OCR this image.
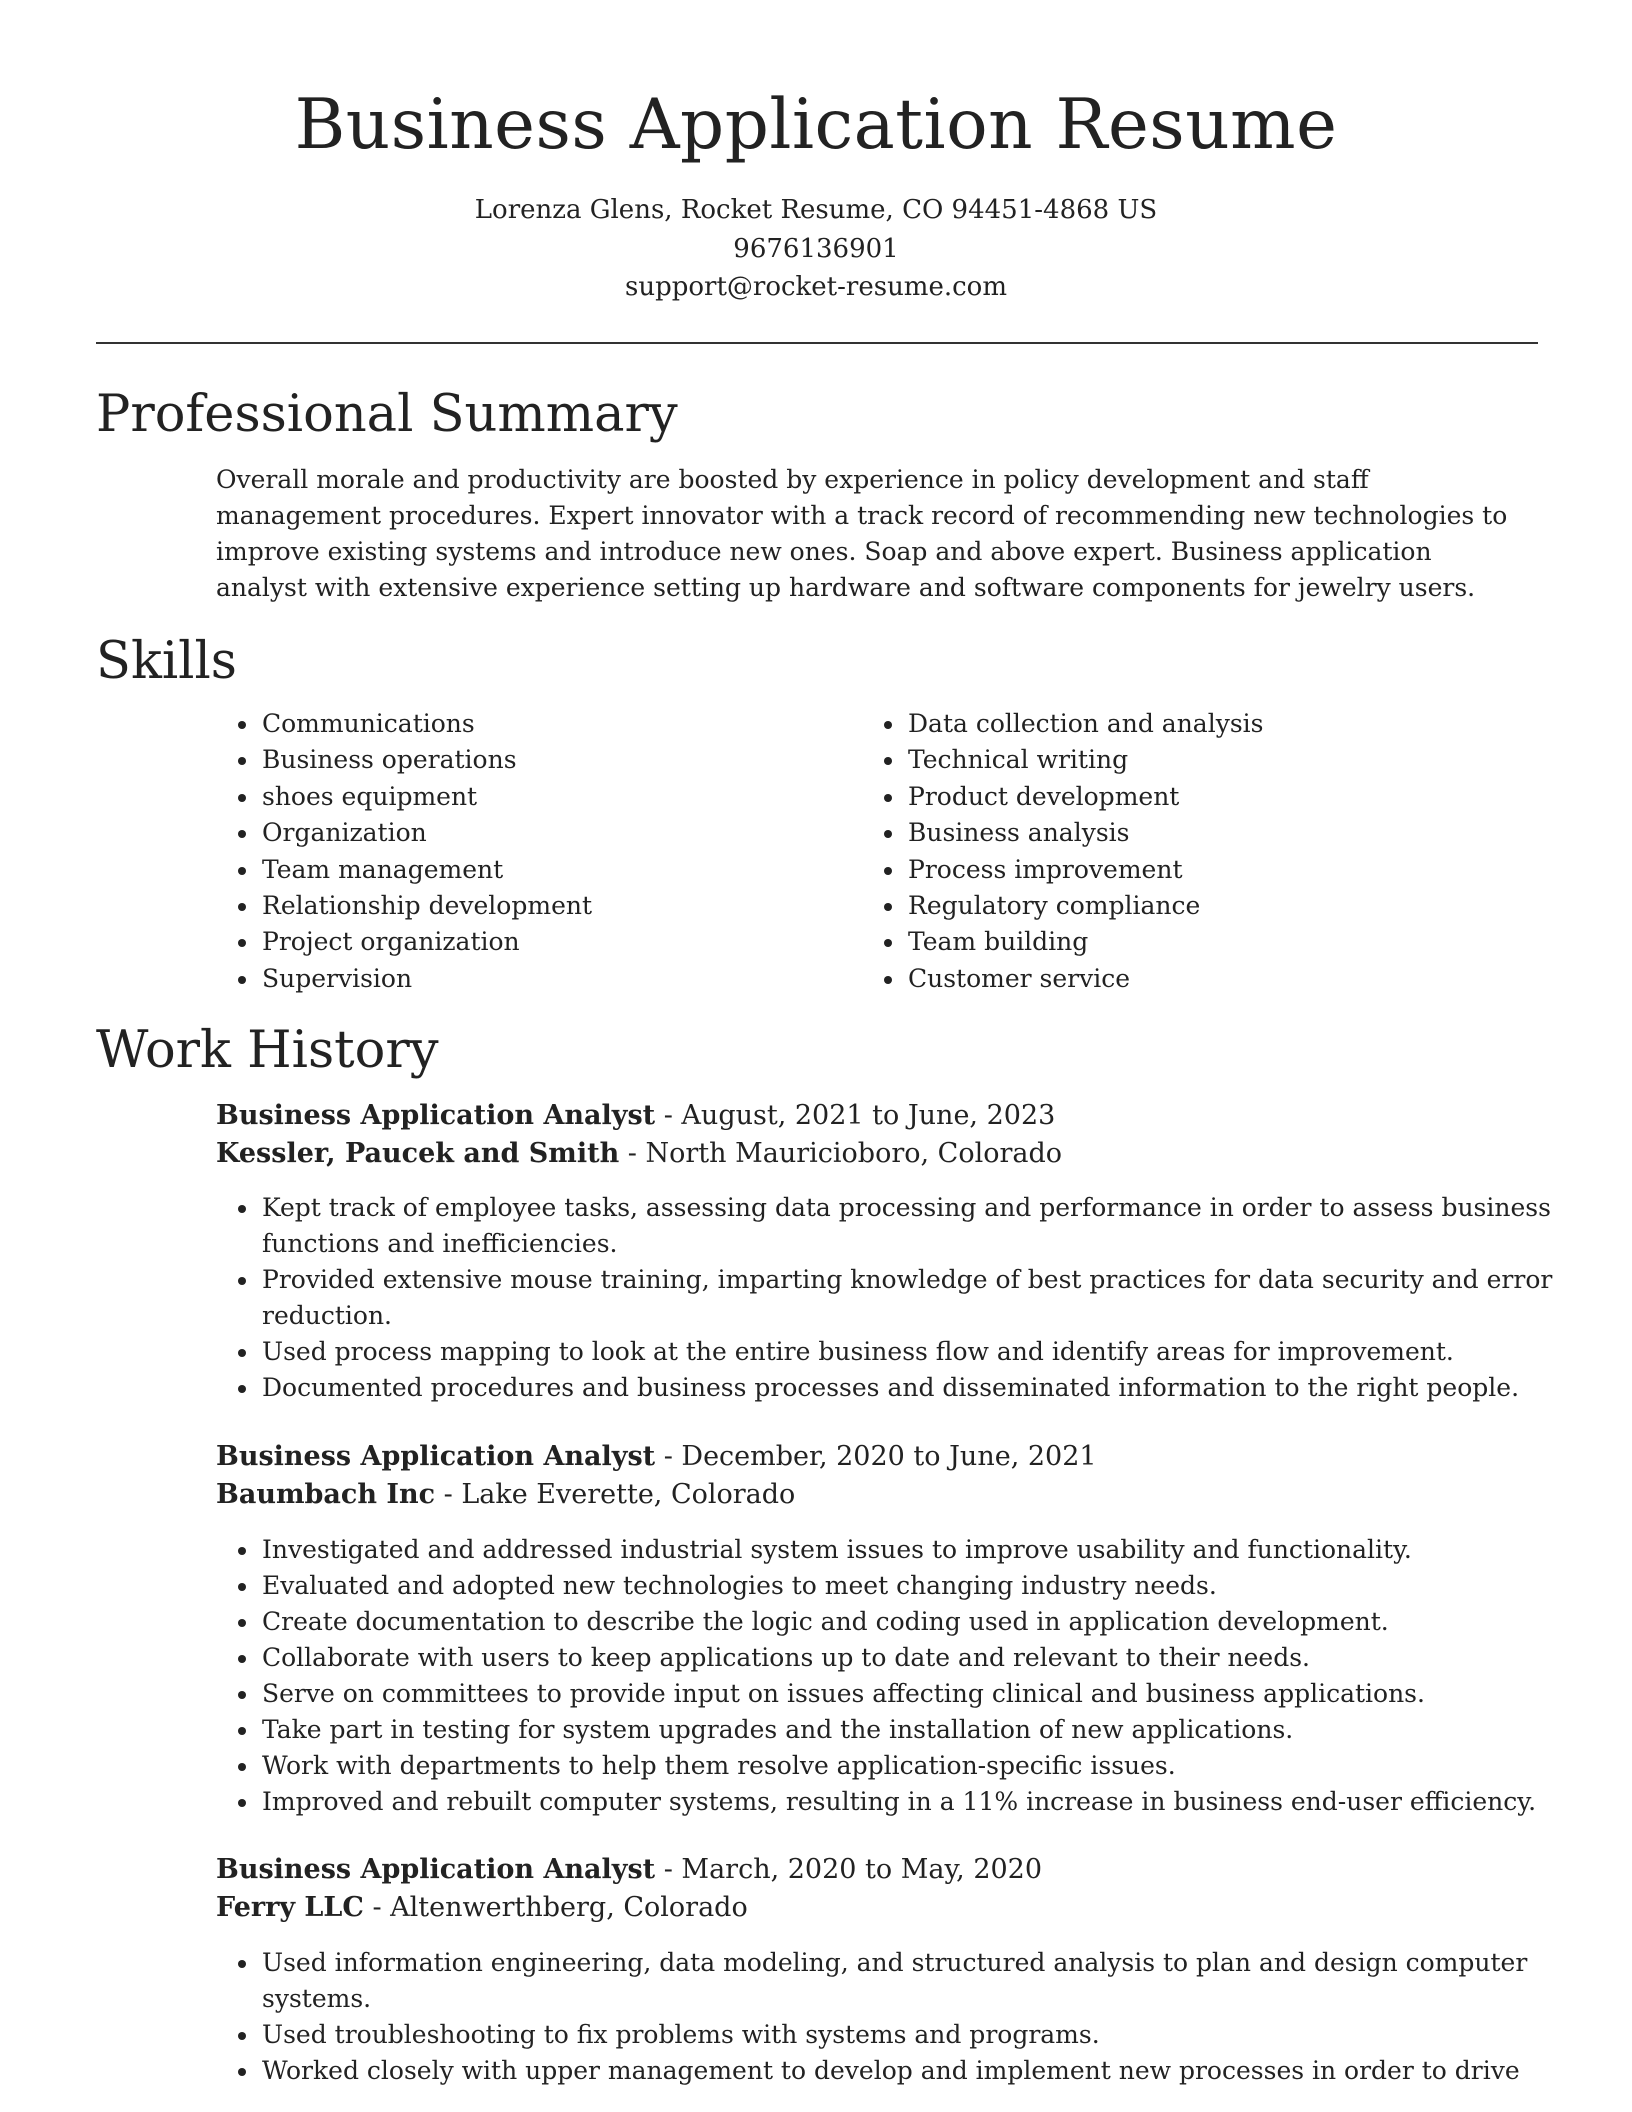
Business Application Resume
Lorenza Glens, Rocket Resume, CO 94451-4868 US
9676136901
support@rocket-resume.com
Professional Summary

Overall morale and productivity are boosted by experience in policy development and staff management procedures. Expert innovator with a track record of recommending new technologies to improve existing systems and introduce new ones. Soap and above expert. Business application analyst with extensive experience setting up hardware and software components for jewelry users.

Skills
• Communications
• Business operations
• shoes equipment
• Organization
• Team management
• Relationship development
• Project organization
• Supervision
• Data collection and analysis
• Technical writing
• Product development
• Business analysis
• Process improvement
• Regulatory compliance
• Team building
• Customer service
Work History
Business Application Analyst - August, 2021 to June, 2023
Kessler, Paucek and Smith - North Mauricioboro, Colorado
• Kept track of employee tasks, assessing data processing and performance in order to assess business functions and inefficiencies.
• Provided extensive mouse training, imparting knowledge of best practices for data security and error reduction.
• Used process mapping to look at the entire business flow and identify areas for improvement.
• Documented procedures and business processes and disseminated information to the right people.
Business Application Analyst - December, 2020 to June, 2021
Baumbach Inc - Lake Everette, Colorado
• Investigated and addressed industrial system issues to improve usability and functionality.
• Evaluated and adopted new technologies to meet changing industry needs.
• Create documentation to describe the logic and coding used in application development.
• Collaborate with users to keep applications up to date and relevant to their needs.
• Serve on committees to provide input on issues affecting clinical and business applications.
• Take part in testing for system upgrades and the installation of new applications.
• Work with departments to help them resolve application-specific issues.
• Improved and rebuilt computer systems, resulting in a 11% increase in business end-user efficiency.
Business Application Analyst - March, 2020 to May, 2020
Ferry LLC - Altenwerthberg, Colorado
• Used information engineering, data modeling, and structured analysis to plan and design computer systems.
• Used troubleshooting to fix problems with systems and programs.
• Worked closely with upper management to develop and implement new processes in order to drive
